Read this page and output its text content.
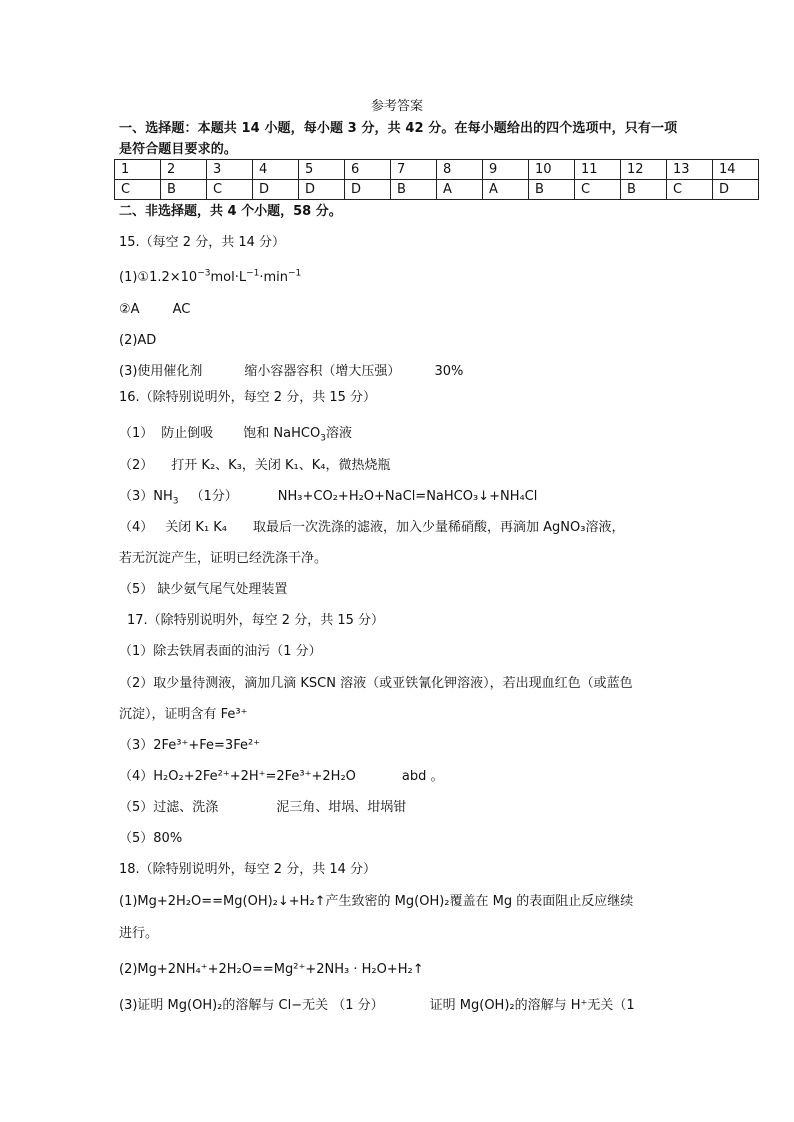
参考答案
一、选择题：本题共 14 小题，每小题 3 分，共 42 分。在每小题给出的四个选项中，只有一项是符合题目要求的。
1	2	3	4	5	6	7	8	9	10	11	12	13	14
C	B	C	D	D	D	B	A	A	B	C	B	C	D
二、非选择题，共 4 个小题，58 分。
15.（每空 2 分，共 14 分）
$(1)①1.2\times 10^{-3}mol\cdot L^{-1}\cdot\min^{-1}$
②A	AC
(2)AD
(3)使用催化剂	缩小容器容积（增大压强）	30%
16.（除特别说明外，每空 2 分，共 15 分）
（1） 防止倒吸 饱和 NaHCO$_3$溶液
（2） 打开 K₂、K₃，关闭 K₁、K₄，微热烧瓶
$(3)NH_3$ （1分）	NH₃+CO₂+H₂O+NaCl=NaHCO₃↓+NH₄Cl
（4） 关闭 K₁ K₄ 取最后一次洗涤的滤液，加入少量稀硝酸，再滴加 AgNO₃溶液，
若无沉淀产生，证明已经洗涤干净。
（5） 缺少氨气尾气处理装置
17.（除特别说明外，每空 2 分，共 15 分）
（1）除去铁屑表面的油污（1 分）
（2）取少量待测液，滴加几滴 KSCN 溶液（或亚铁氰化钾溶液），若出现血红色（或蓝色
沉淀），证明含有 Fe³⁺
（3）2Fe³⁺+Fe=3Fe²⁺
（4）H₂O₂+2Fe²⁺+2H⁺=2Fe³⁺+2H₂O	abd 。
（5）过滤、洗涤	泥三角、坩埚、坩埚钳
（5）80%
18.（除特别说明外，每空 2 分，共 14 分）
(1)Mg+2H₂O==Mg(OH)₂↓+H₂↑产生致密的 Mg(OH)₂覆盖在 Mg 的表面阻止反应继续
进行。
(2)Mg+2NH₄⁺+2H₂O==Mg²⁺+2NH₃ · H₂O+H₂↑
(3)证明 Mg(OH)₂的溶解与 Cl−无关 （1 分）	证明 Mg(OH)₂的溶解与 H⁺无关（1
